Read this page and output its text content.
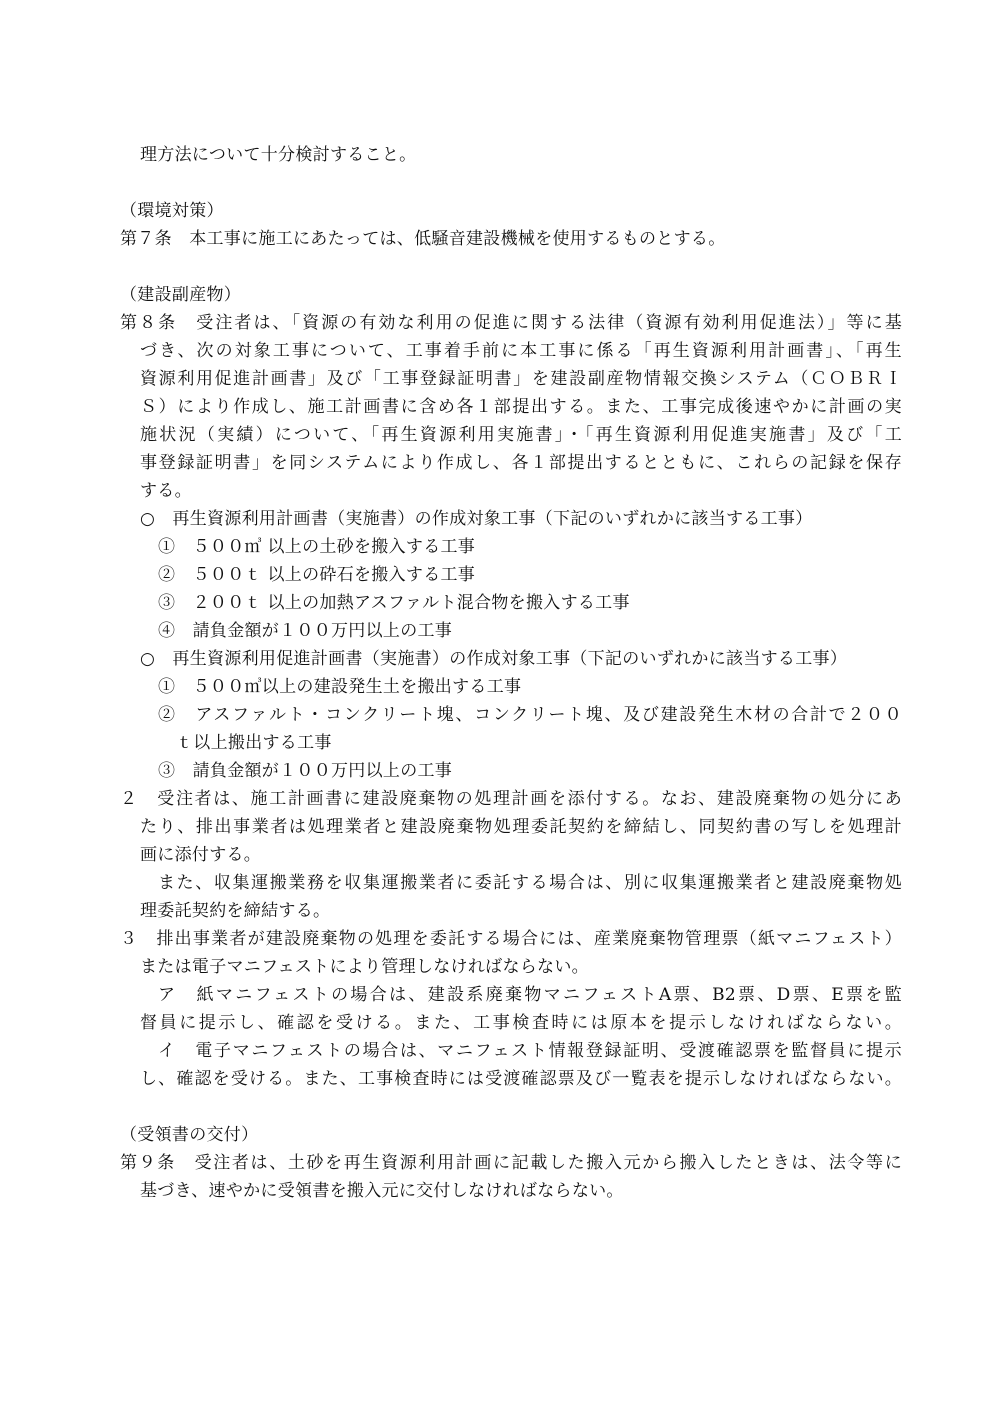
理方法について十分検討すること。
（環境対策）
第７条　本工事に施工にあたっては、低騒音建設機械を使用するものとする。
（建設副産物）
第８条　受注者は、「資源の有効な利用の促進に関する法律（資源有効利用促進法）」等に基
づき、次の対象工事について、工事着手前に本工事に係る「再生資源利用計画書」、「再生
資源利用促進計画書」及び「工事登録証明書」を建設副産物情報交換システム（ＣＯＢＲＩ
Ｓ）により作成し、施工計画書に含め各１部提出する。また、工事完成後速やかに計画の実
施状況（実績）について、「再生資源利用実施書」・「再生資源利用促進実施書」及び「工
事登録証明書」を同システムにより作成し、各１部提出するとともに、これらの記録を保存
する。
○　再生資源利用計画書（実施書）の作成対象工事（下記のいずれかに該当する工事）
①　５００㎥ 以上の土砂を搬入する工事
②　５００ｔ 以上の砕石を搬入する工事
③　２００ｔ 以上の加熱アスファルト混合物を搬入する工事
④　請負金額が１００万円以上の工事
○　再生資源利用促進計画書（実施書）の作成対象工事（下記のいずれかに該当する工事）
①　５００㎥以上の建設発生土を搬出する工事
②　アスファルト・コンクリート塊、コンクリート塊、及び建設発生木材の合計で２００
ｔ以上搬出する工事
③　請負金額が１００万円以上の工事
２　受注者は、施工計画書に建設廃棄物の処理計画を添付する。なお、建設廃棄物の処分にあ
たり、排出事業者は処理業者と建設廃棄物処理委託契約を締結し、同契約書の写しを処理計
画に添付する。
また、収集運搬業務を収集運搬業者に委託する場合は、別に収集運搬業者と建設廃棄物処
理委託契約を締結する。
３　排出事業者が建設廃棄物の処理を委託する場合には、産業廃棄物管理票（紙マニフェスト）
または電子マニフェストにより管理しなければならない。
ア　紙マニフェストの場合は、建設系廃棄物マニフェストA票、B2票、D票、E票を監
督員に提示し、確認を受ける。また、工事検査時には原本を提示しなければならない。
イ　電子マニフェストの場合は、マニフェスト情報登録証明、受渡確認票を監督員に提示
し、確認を受ける。また、工事検査時には受渡確認票及び一覧表を提示しなければならない。
（受領書の交付）
第９条　受注者は、土砂を再生資源利用計画に記載した搬入元から搬入したときは、法令等に
基づき、速やかに受領書を搬入元に交付しなければならない。
